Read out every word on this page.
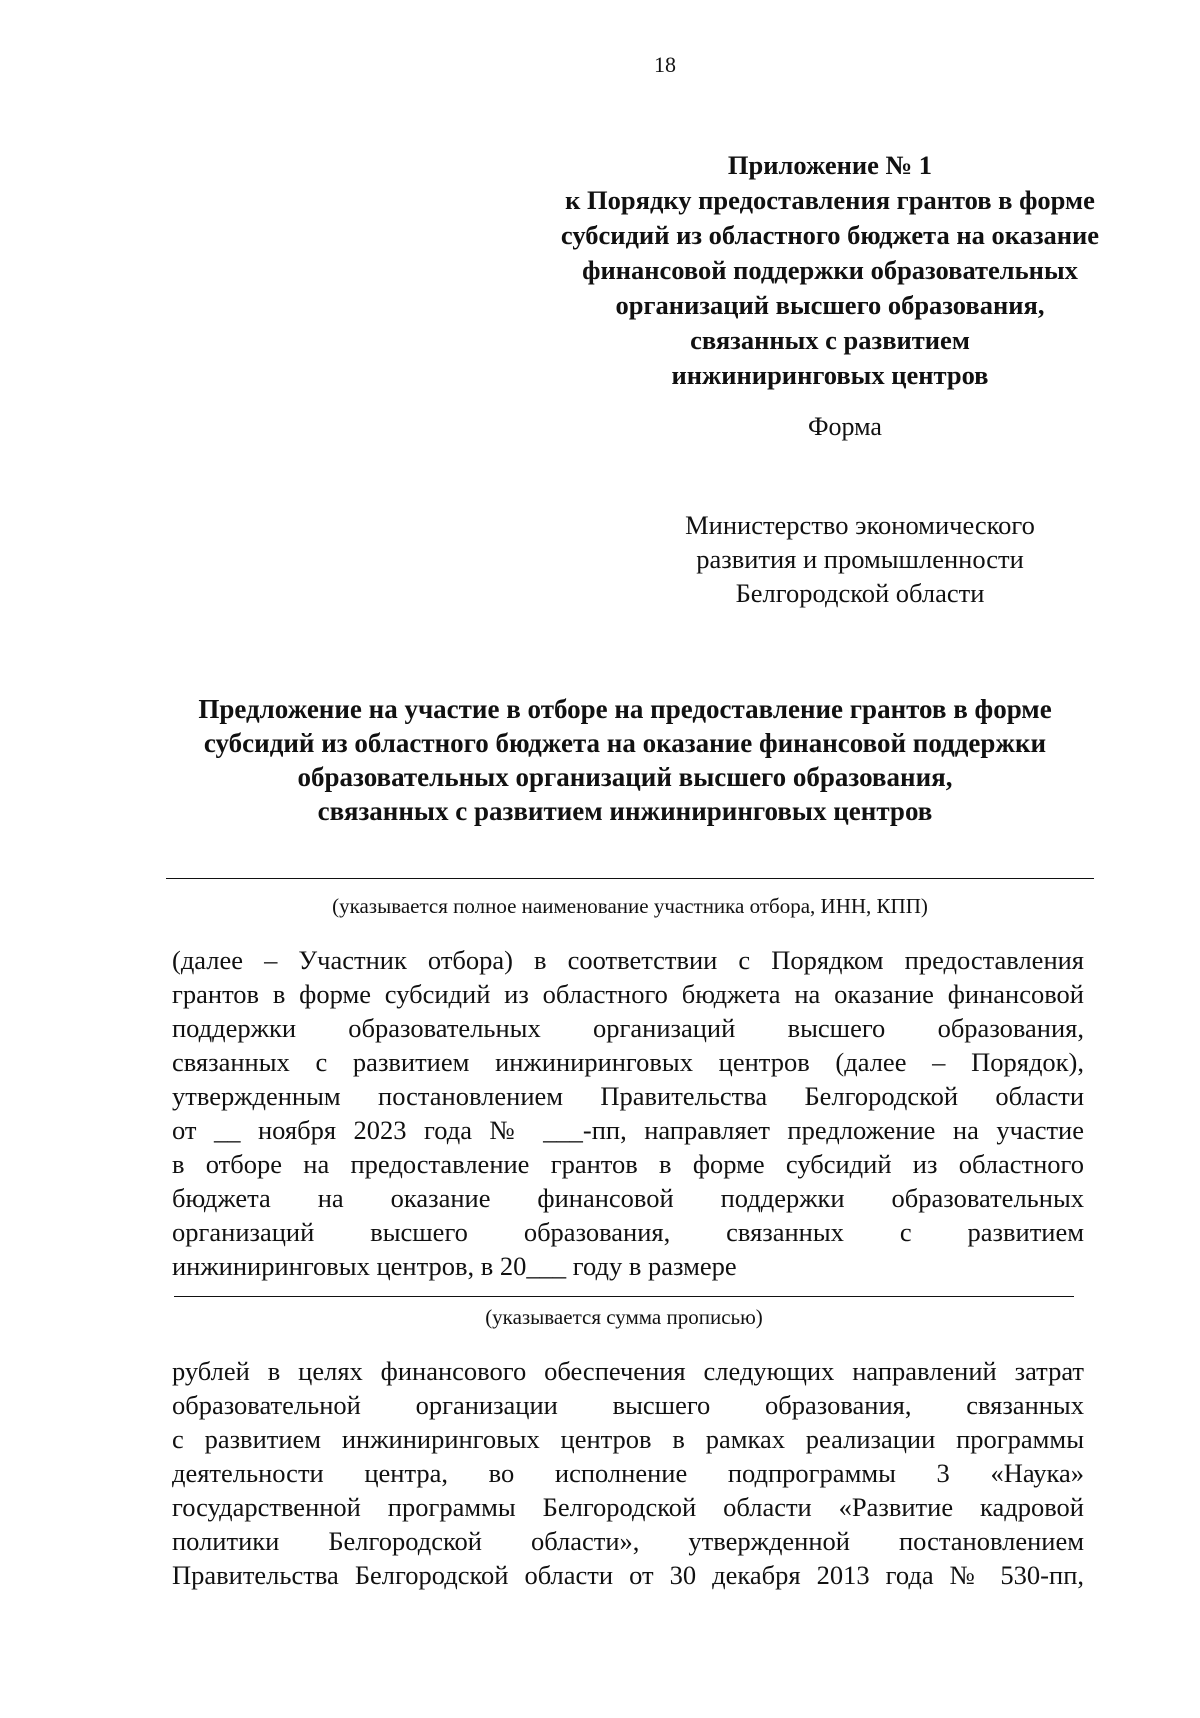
18
Приложение № 1
к Порядку предоставления грантов в форме
субсидий из областного бюджета на оказание
финансовой поддержки образовательных
организаций высшего образования,
связанных с развитием
инжиниринговых центров
Форма
Министерство экономического
развития и промышленности
Белгородской области
Предложение на участие в отборе на предоставление грантов в форме
субсидий из областного бюджета на оказание финансовой поддержки
образовательных организаций высшего образования,
связанных с развитием инжиниринговых центров
(указывается полное наименование участника отбора, ИНН, КПП)
(далее – Участник отбора) в соответствии с Порядком предоставления
грантов в форме субсидий из областного бюджета на оказание финансовой
поддержки образовательных организаций высшего образования,
связанных с развитием инжиниринговых центров (далее – Порядок),
утвержденным постановлением Правительства Белгородской области
от __ ноября 2023 года № ___-пп, направляет предложение на участие
в отборе на предоставление грантов в форме субсидий из областного
бюджета на оказание финансовой поддержки образовательных
организаций высшего образования, связанных с развитием
инжиниринговых центров, в 20___ году в размере
(указывается сумма прописью)
рублей в целях финансового обеспечения следующих направлений затрат
образовательной организации высшего образования, связанных
с развитием инжиниринговых центров в рамках реализации программы
деятельности центра, во исполнение подпрограммы 3 «Наука»
государственной программы Белгородской области «Развитие кадровой
политики Белгородской области», утвержденной постановлением
Правительства Белгородской области от 30 декабря 2013 года № 530-пп,
